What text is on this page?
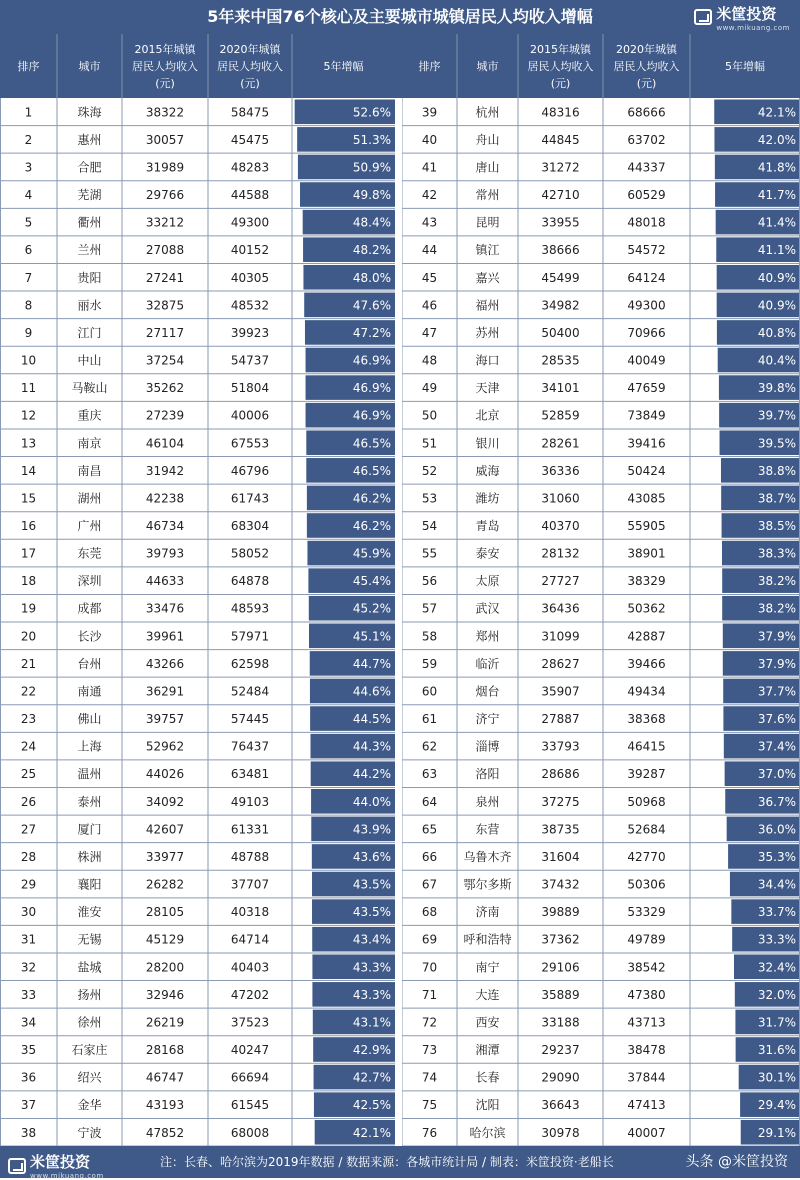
5年来中国76个核心及主要城市城镇居民人均收入增幅	米筐投资
www.mikuang.com
排序	城市
2015年城镇
居民人均收入
(元)
2020年城镇
居民人均收入
(元)
5年增幅	排序	城市
2015年城镇
居民人均收入
(元)
2020年城镇
居民人均收入
(元)
5年增幅
1	珠海	38322	58475	52.6%
2	惠州	30057	45475	51.3%
3	合肥	31989	48283	50.9%
4	芜湖	29766	44588	49.8%
5	衢州	33212	49300	48.4%
6	兰州	27088	40152	48.2%
7	贵阳	27241	40305	48.0%
8	丽水	32875	48532	47.6%
9	江门	27117	39923	47.2%
10	中山	37254	54737	46.9%
11	马鞍山	35262	51804	46.9%
12	重庆	27239	40006	46.9%
13	南京	46104	67553	46.5%
14	南昌	31942	46796	46.5%
15	湖州	42238	61743	46.2%
16	广州	46734	68304	46.2%
17	东莞	39793	58052	45.9%
18	深圳	44633	64878	45.4%
19	成都	33476	48593	45.2%
20	长沙	39961	57971	45.1%
21	台州	43266	62598	44.7%
22	南通	36291	52484	44.6%
23	佛山	39757	57445	44.5%
24	上海	52962	76437	44.3%
25	温州	44026	63481	44.2%
26	泰州	34092	49103	44.0%
27	厦门	42607	61331	43.9%
28	株洲	33977	48788	43.6%
29	襄阳	26282	37707	43.5%
30	淮安	28105	40318	43.5%
31	无锡	45129	64714	43.4%
32	盐城	28200	40403	43.3%
33	扬州	32946	47202	43.3%
34	徐州	26219	37523	43.1%
35	石家庄	28168	40247	42.9%
36	绍兴	46747	66694	42.7%
37	金华	43193	61545	42.5%
38	宁波	47852	68008	42.1%
39	杭州	48316	68666	42.1%
40	舟山	44845	63702	42.0%
41	唐山	31272	44337	41.8%
42	常州	42710	60529	41.7%
43	昆明	33955	48018	41.4%
44	镇江	38666	54572	41.1%
45	嘉兴	45499	64124	40.9%
46	福州	34982	49300	40.9%
47	苏州	50400	70966	40.8%
48	海口	28535	40049	40.4%
49	天津	34101	47659	39.8%
50	北京	52859	73849	39.7%
51	银川	28261	39416	39.5%
52	威海	36336	50424	38.8%
53	潍坊	31060	43085	38.7%
54	青岛	40370	55905	38.5%
55	泰安	28132	38901	38.3%
56	太原	27727	38329	38.2%
57	武汉	36436	50362	38.2%
58	郑州	31099	42887	37.9%
59	临沂	28627	39466	37.9%
60	烟台	35907	49434	37.7%
61	济宁	27887	38368	37.6%
62	淄博	33793	46415	37.4%
63	洛阳	28686	39287	37.0%
64	泉州	37275	50968	36.7%
65	东营	38735	52684	36.0%
66 乌鲁木齐 31604	42770	35.3%
67 鄂尔多斯 37432	50306	34.4%
68	济南	39889	53329	33.7%
69 呼和浩特 37362	49789	33.3%
70	南宁	29106	38542	32.4%
71	大连	35889	47380	32.0%
72	西安	33188	43713	31.7%
73	湘潭	29237	38478	31.6%
74	长春	29090	37844	30.1%
75	沈阳	36643	47413	29.4%
76	哈尔滨	30978	40007	29.1%
米筐投资
www.mikuang.com
注：长春、哈尔滨为2019年数据 / 数据来源：各城市统计局 / 制表：米筐投资·老船长	头条 @米筐投资
